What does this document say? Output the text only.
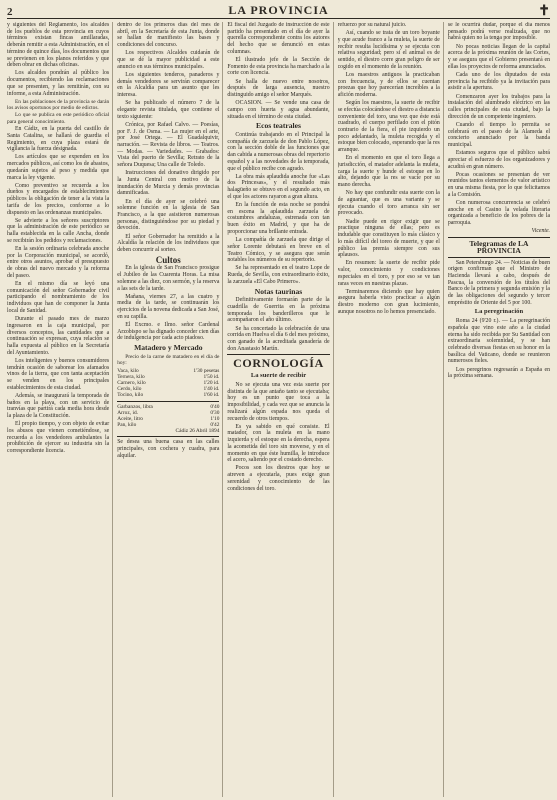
2	LA PROVINCIA	✝

y siguientes del Reglamento, los alcaldes de los pueblos de esta provincia en cuyos términos existan fincas amillaradas, deberán remitir a esta Administración, en el término de quince días, los documentos que se previenen en los planos referidos y que deben obrar en dichas oficinas.

Los alcaldes pondrán al público los documentos, recibiendo las reclamaciones que se presenten, y las remitirán, con su informe, a esta Administración.

En las poblaciones de la provincia se darán los avisos oportunos por medio de edictos.

Lo que se publica en este periódico oficial para general conocimiento.

En Cádiz, en la puerta del castillo de Santa Catalina, se hallará de guardia el Regimiento, en cuya plaza estará de vigilancia la fuerza designada.

Los artículos que se expenden en los mercados públicos, así como los de abastos, quedarán sujetos al peso y medida que marca la ley vigente.

Como preventivo se recuerda a los dueños y encargados de establecimientos públicos la obligación de tener a la vista la tarifa de los precios, conforme a lo dispuesto en las ordenanzas municipales.

Se advierte a los señores suscriptores que la administración de este periódico se halla establecida en la calle Ancha, donde se recibirán los pedidos y reclamaciones.

En la sesión ordinaria celebrada anoche por la Corporación municipal, se acordó, entre otros asuntos, aprobar el presupuesto de obras del nuevo mercado y la reforma del paseo.

En el mismo día se leyó una comunicación del señor Gobernador civil participando el nombramiento de los individuos que han de componer la Junta local de Sanidad.

Durante el pasado mes de marzo ingresaron en la caja municipal, por diversos conceptos, las cantidades que a continuación se expresan, cuya relación se halla expuesta al público en la Secretaría del Ayuntamiento.

Los inteligentes y buenos consumidores tendrán ocasión de saborear los afamados vinos de la tierra, que con tanta aceptación se venden en los principales establecimientos de esta ciudad.

Además, se inaugurará la temporada de baños en la playa, con un servicio de tranvías que partirá cada media hora desde la plaza de la Constitución.

El propio tiempo, y con objeto de evitar los abusos que vienen cometiéndose, se recuerda a los vendedores ambulantes la prohibición de ejercer su industria sin la correspondiente licencia.

dentro de los primeros días del mes de abril, en la Secretaría de esta Junta, donde se hallan de manifiesto las bases y condiciones del concurso.

Los respectivos Alcaldes cuidarán de que se dé la mayor publicidad a este anuncio en sus términos municipales.

Los siguientes tenderos, panaderos y demás vendedores se servirán comparecer en la Alcaldía para un asunto que les interesa.

Se ha publicado el número 7 de la elegante revista titulada, que contiene el texto siguiente:

Crónica, por Rafael Calvo. — Poesías, por F. J. de Osma. — La mujer en el arte, por José Ortega. — El Guadalquivir, narración. — Revista de libros. — Teatros. — Modas. — Variedades. — Grabados: Vista del puerto de Sevilla; Retrato de la señora Duquesa; Una calle de Toledo.

Instrucciones del donativo dirigido por la Junta Central con motivo de la inundación de Murcia y demás provincias damnificadas.

En el día de ayer se celebró una solemne función en la iglesia de San Francisco, a la que asistieron numerosas personas, distinguiéndose por su piedad y devoción.

El señor Gobernador ha remitido a la Alcaldía la relación de los individuos que deben concurrir al sorteo.

Cultos

En la iglesia de San Francisco prosigue el Jubileo de las Cuarenta Horas. La misa solemne a las diez, con sermón, y la reserva a las seis de la tarde.

Mañana, viernes 27, a las cuatro y media de la tarde, se continuarán los ejercicios de la novena dedicada a San José, en su capilla.

El Excmo. e Ilmo. señor Cardenal Arzobispo se ha dignado conceder cien días de indulgencia por cada acto piadoso.

Matadero y Mercado

Precio de la carne de matadero en el día de hoy:

Vaca, kilo	1'30 pesetas
Ternera, kilo	1'50 id.
Carnero, kilo	1'20 id.
Cerdo, kilo	1'40 id.
Tocino, kilo	1'60 id.
Garbanzos, libra	0'40
Arroz, id.	0'30
Aceite, litro	1'10
Pan, kilo	0'42

Cádiz 26 Abril 1894

Se desea una buena casa en las calles principales, con cochera y cuadra, para alquilar.

El fiscal del Juzgado de instrucción de este partido ha presentado en el día de ayer la querella correspondiente contra los autores del hecho que se denunció en estas columnas.

El ilustrado jefe de la Sección de Fomento de esta provincia ha marchado a la corte con licencia.

Se halla de nuevo entre nosotros, después de larga ausencia, nuestro distinguido amigo el señor Marqués.

OCASION. — Se vende una casa de campo con huerta y agua abundante, situada en el término de esta ciudad.

Ecos teatrales

Continúa trabajando en el Principal la compañía de zarzuela de don Pablo López, con la sección doble de las funciones que dan cabida a numerosas obras del repertorio español y a las novedades de la temporada, que el público recibe con agrado.

La obra más aplaudida anoche fue «Las dos Princesas», y el resultado más halagüeño se obtuvo en el segundo acto, en el que los actores rayaron a gran altura.

En la función de esta noche se pondrá en escena la aplaudida zarzuela de costumbres andaluzas, estrenada con tan buen éxito en Madrid, y que ha de proporcionar una brillante entrada.

La compañía de zarzuela que dirige el señor Lorente debutará en breve en el Teatro Cómico, y se asegura que serán notables los números de su repertorio.

Se ha representado en el teatro Lope de Rueda, de Sevilla, con extraordinario éxito, la zarzuela «El Cabo Primero».

Notas taurinas

Definitivamente formarán parte de la cuadrilla de Guerrita en la próxima temporada los banderilleros que le acompañaron el año último.

Se ha concertado la celebración de una corrida en Huelva el día 6 del mes próximo, con ganado de la acreditada ganadería de don Anastasio Martín.

CORNOLOGÍA
La suerte de recibir

No se ejecuta una vez esta suerte por distinta de la que antaño tanto se ejecutaba; hoy es un punto que toca a la imposibilidad, y cada vez que se anuncia la realizará algún espada nos queda el recuerdo de otros tiempos.

Es ya sabido en qué consiste. El matador, con la muleta en la mano izquierda y el estoque en la derecha, espera la acometida del toro sin moverse, y en el momento en que éste humilla, le introduce el acero, saliendo por el costado derecho.

Pocos son los diestros que hoy se atreven a ejecutarla, pues exige gran serenidad y conocimiento de las condiciones del toro.

refuerzo por su natural juicio.

Así, cuando se trata de un toro boyante y que acude franco a la muleta, la suerte de recibir resulta lucidísima y se ejecuta con relativa seguridad; pero si el animal es de sentido, el diestro corre gran peligro de ser cogido en el momento de la reunión.

Los maestros antiguos la practicaban con frecuencia, y de ellos se cuentan proezas que hoy parecerían increíbles a la afición moderna.

Según los maestros, la suerte de recibir se efectúa colocándose el diestro a distancia conveniente del toro, una vez que éste está cuadrado, el cuerpo perfilado con el pitón contrario de la fiera, el pie izquierdo un poco adelantado, la muleta recogida y el estoque bien colocado, esperando que la res arranque.

En el momento en que el toro llega a jurisdicción, el matador adelanta la muleta, carga la suerte y hunde el estoque en lo alto, dejando que la res se vacíe por su mano derecha.

No hay que confundir esta suerte con la de aguantar, que es una variante y se ejecuta cuando el toro arranca sin ser provocado.

Nadie puede en rigor exigir que se practique ninguna de ellas; pero es indudable que constituyen lo más clásico y lo más difícil del toreo de muerte, y que el público las premia siempre con sus aplausos.

En resumen: la suerte de recibir pide valor, conocimiento y condiciones especiales en el toro, y por eso se ve tan raras veces en nuestras plazas.

Terminaremos diciendo que hay quien asegura haberla visto practicar a algún diestro moderno con gran lucimiento, aunque nosotros no lo hemos presenciado.

se le ocurrirá dudar, porque el día menos pensado podrá verse realizada, que no habrá quien no la tenga por imposible.

No pocas noticias llegan de la capital acerca de la próxima reunión de las Cortes, y se asegura que el Gobierno presentará en ellas los proyectos de reforma anunciados.

Cada uno de los diputados de esta provincia ha recibido ya la invitación para asistir a la apertura.

Comenzaron ayer los trabajos para la instalación del alumbrado eléctrico en las calles principales de esta ciudad, bajo la dirección de un competente ingeniero.

Cuando el tiempo lo permita se celebrará en el paseo de la Alameda el concierto anunciado por la banda municipal.

Estamos seguros que el público sabrá apreciar el esfuerzo de los organizadores y acudirá en gran número.

Pocas ocasiones se presentan de ver reunidos tantos elementos de valor artístico en una misma fiesta, por lo que felicitamos a la Comisión.

Con numerosa concurrencia se celebró anoche en el Casino la velada literaria organizada a beneficio de los pobres de la parroquia.

Vicente.

Telegramas de LA PROVINCIA

San Petersburgo 24. — Noticias de buen origen confirman que el Ministro de Hacienda llevará a cabo, después de Pascua, la conversión de los títulos del Banco de la primera y segunda emisión y la de las obligaciones del segundo y tercer empréstito de Oriente del 5 por 100.

La peregrinación

Roma 24 (9'20 r.). — La peregrinación española que vino este año a la ciudad eterna ha sido recibida por Su Santidad con extraordinaria solemnidad, y se han celebrado diversas fiestas en su honor en la basílica del Vaticano, donde se reunieron numerosos fieles.

Los peregrinos regresarán a España en la próxima semana.
